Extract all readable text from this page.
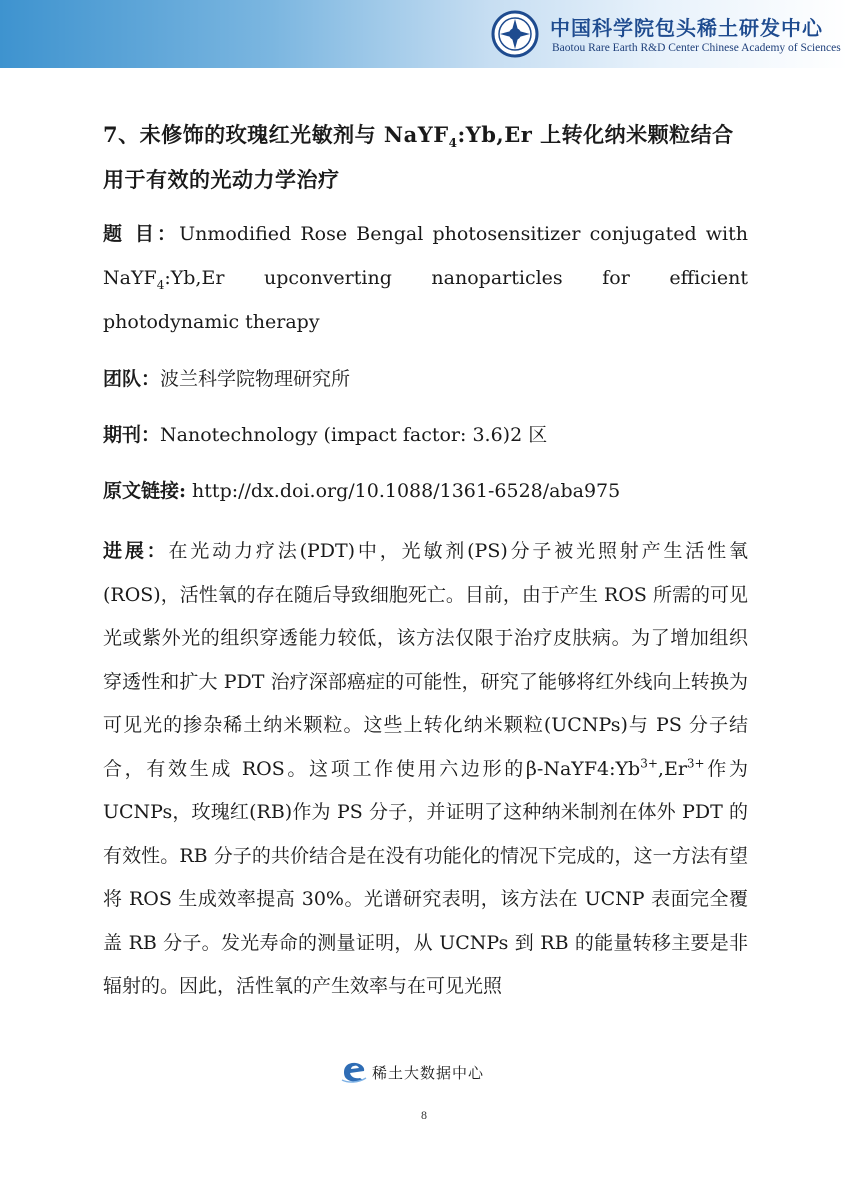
中国科学院包头稀土研发中心
Baotou Rare Earth R&D Center Chinese Academy of Sciences
7、未修饰的玫瑰红光敏剂与 NaYF$_4$:Yb,Er 上转化纳米颗粒结合用于有效的光动力学治疗
题 目：Unmodified Rose Bengal photosensitizer conjugated with NaYF$_4$:Yb,Er upconverting nanoparticles for efficient photodynamic therapy
团队：波兰科学院物理研究所
期刊：Nanotechnology (impact factor: 3.6)2 区
原文链接: http://dx.doi.org/10.1088/1361-6528/aba975
进展：在光动力疗法(PDT)中，光敏剂(PS)分子被光照射产生活性氧(ROS)，活性氧的存在随后导致细胞死亡。目前，由于产生 ROS 所需的可见光或紫外光的组织穿透能力较低，该方法仅限于治疗皮肤病。为了增加组织穿透性和扩大 PDT 治疗深部癌症的可能性，研究了能够将红外线向上转换为可见光的掺杂稀土纳米颗粒。这些上转化纳米颗粒(UCNPs)与 PS 分子结合，有效生成 ROS。这项工作使用六边形的$\beta-NaYF4:Yb^{3+},Er^{3+}$作为 UCNPs，玫瑰红(RB)作为 PS 分子，并证明了这种纳米制剂在体外 PDT 的有效性。RB 分子的共价结合是在没有功能化的情况下完成的，这一方法有望将 ROS 生成效率提高 30%。光谱研究表明，该方法在 UCNP 表面完全覆盖 RB 分子。发光寿命的测量证明，从 UCNPs 到 RB 的能量转移主要是非辐射的。因此，活性氧的产生效率与在可见光照
稀土大数据中心
8
